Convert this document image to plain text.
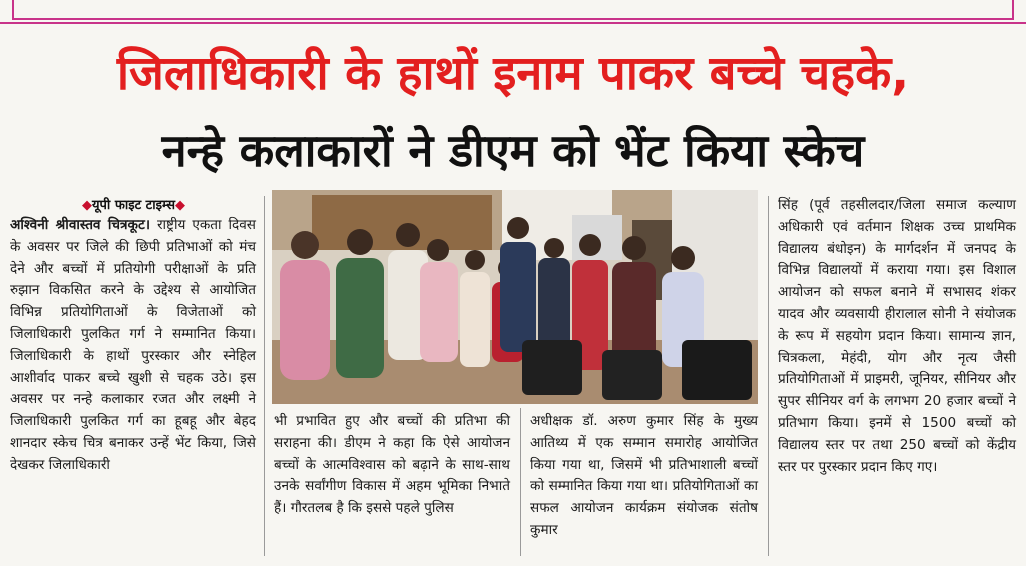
जिलाधिकारी के हाथों इनाम पाकर बच्चे चहके,
नन्हे कलाकारों ने डीएम को भेंट किया स्केच
◆यूपी फाइट टाइम्स◆

अश्विनी श्रीवास्तव चित्रकूट। राष्ट्रीय एकता दिवस के अवसर पर जिले की छिपी प्रतिभाओं को मंच देने और बच्चों में प्रतियोगी परीक्षाओं के प्रति रुझान विकसित करने के उद्देश्य से आयोजित विभिन्न प्रतियोगिताओं के विजेताओं को जिलाधिकारी पुलकित गर्ग ने सम्मानित किया। जिलाधिकारी के हाथों पुरस्कार और स्नेहिल आशीर्वाद पाकर बच्चे खुशी से चहक उठे। इस अवसर पर नन्हे कलाकार रजत और लक्ष्मी ने जिलाधिकारी पुलकित गर्ग का हूबहू और बेहद शानदार स्केच चित्र बनाकर उन्हें भेंट किया, जिसे देखकर जिलाधिकारी

भी प्रभावित हुए और बच्चों की प्रतिभा की सराहना की। डीएम ने कहा कि ऐसे आयोजन बच्चों के आत्मविश्वास को बढ़ाने के साथ-साथ उनके सर्वांगीण विकास में अहम भूमिका निभाते हैं। गौरतलब है कि इससे पहले पुलिस

अधीक्षक डॉ. अरुण कुमार सिंह के मुख्य आतिथ्य में एक सम्मान समारोह आयोजित किया गया था, जिसमें भी प्रतिभाशाली बच्चों को सम्मानित किया गया था। प्रतियोगिताओं का सफल आयोजन कार्यक्रम संयोजक संतोष कुमार

सिंह (पूर्व तहसीलदार/जिला समाज कल्याण अधिकारी एवं वर्तमान शिक्षक उच्च प्राथमिक विद्यालय बंधोइन) के मार्गदर्शन में जनपद के विभिन्न विद्यालयों में कराया गया। इस विशाल आयोजन को सफल बनाने में सभासद शंकर यादव और व्यवसायी हीरालाल सोनी ने संयोजक के रूप में सहयोग प्रदान किया। सामान्य ज्ञान, चित्रकला, मेहंदी, योग और नृत्य जैसी प्रतियोगिताओं में प्राइमरी, जूनियर, सीनियर और सुपर सीनियर वर्ग के लगभग 20 हजार बच्चों ने प्रतिभाग किया। इनमें से 1500 बच्चों को विद्यालय स्तर पर तथा 250 बच्चों को केंद्रीय स्तर पर पुरस्कार प्रदान किए गए।
